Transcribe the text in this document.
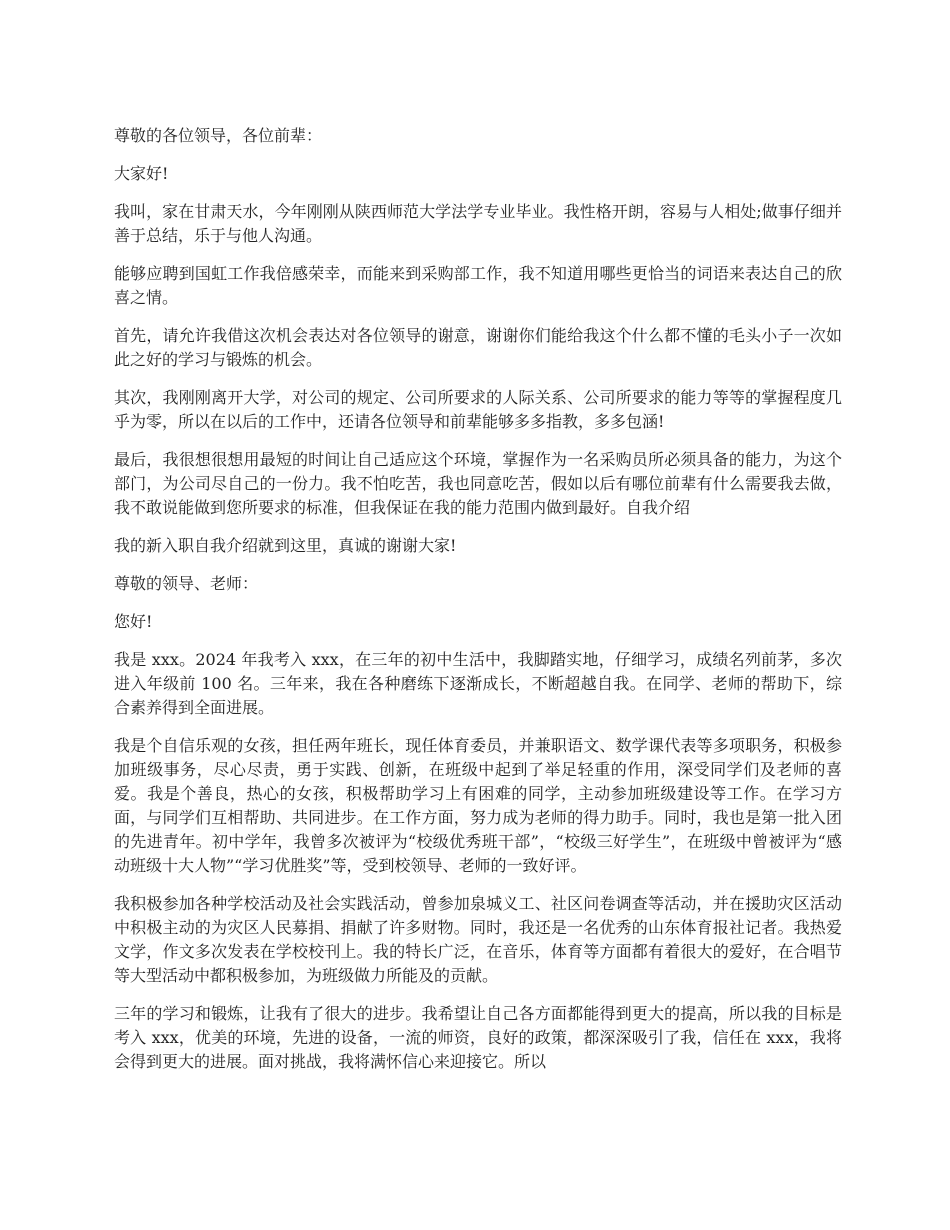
尊敬的各位领导，各位前辈：

大家好!

我叫，家在甘肃天水，今年刚刚从陕西师范大学法学专业毕业。我性格开朗，容易与人相处;做事仔细并善于总结，乐于与他人沟通。

能够应聘到国虹工作我倍感荣幸，而能来到采购部工作，我不知道用哪些更恰当的词语来表达自己的欣喜之情。

首先，请允许我借这次机会表达对各位领导的谢意，谢谢你们能给我这个什么都不懂的毛头小子一次如此之好的学习与锻炼的机会。

其次，我刚刚离开大学，对公司的规定、公司所要求的人际关系、公司所要求的能力等等的掌握程度几乎为零，所以在以后的工作中，还请各位领导和前辈能够多多指教，多多包涵!

最后，我很想很想用最短的时间让自己适应这个环境，掌握作为一名采购员所必须具备的能力，为这个部门，为公司尽自己的一份力。我不怕吃苦，我也同意吃苦，假如以后有哪位前辈有什么需要我去做，我不敢说能做到您所要求的标准，但我保证在我的能力范围内做到最好。自我介绍

我的新入职自我介绍就到这里，真诚的谢谢大家!

尊敬的领导、老师：

您好!

我是 xxx。2024 年我考入 xxx，在三年的初中生活中，我脚踏实地，仔细学习，成绩名列前茅，多次进入年级前 100 名。三年来，我在各种磨练下逐渐成长，不断超越自我。在同学、老师的帮助下，综合素养得到全面进展。

我是个自信乐观的女孩，担任两年班长，现任体育委员，并兼职语文、数学课代表等多项职务，积极参加班级事务，尽心尽责，勇于实践、创新，在班级中起到了举足轻重的作用，深受同学们及老师的喜爱。我是个善良，热心的女孩，积极帮助学习上有困难的同学，主动参加班级建设等工作。在学习方面，与同学们互相帮助、共同进步。在工作方面，努力成为老师的得力助手。同时，我也是第一批入团的先进青年。初中学年，我曾多次被评为“校级优秀班干部”，“校级三好学生”，在班级中曾被评为“感动班级十大人物”“学习优胜奖”等，受到校领导、老师的一致好评。

我积极参加各种学校活动及社会实践活动，曾参加泉城义工、社区问卷调查等活动，并在援助灾区活动中积极主动的为灾区人民募捐、捐献了许多财物。同时，我还是一名优秀的山东体育报社记者。我热爱文学，作文多次发表在学校校刊上。我的特长广泛，在音乐，体育等方面都有着很大的爱好，在合唱节等大型活动中都积极参加，为班级做力所能及的贡献。

三年的学习和锻炼，让我有了很大的进步。我希望让自己各方面都能得到更大的提高，所以我的目标是考入 xxx，优美的环境，先进的设备，一流的师资，良好的政策，都深深吸引了我，信任在 xxx，我将会得到更大的进展。面对挑战，我将满怀信心来迎接它。所以
